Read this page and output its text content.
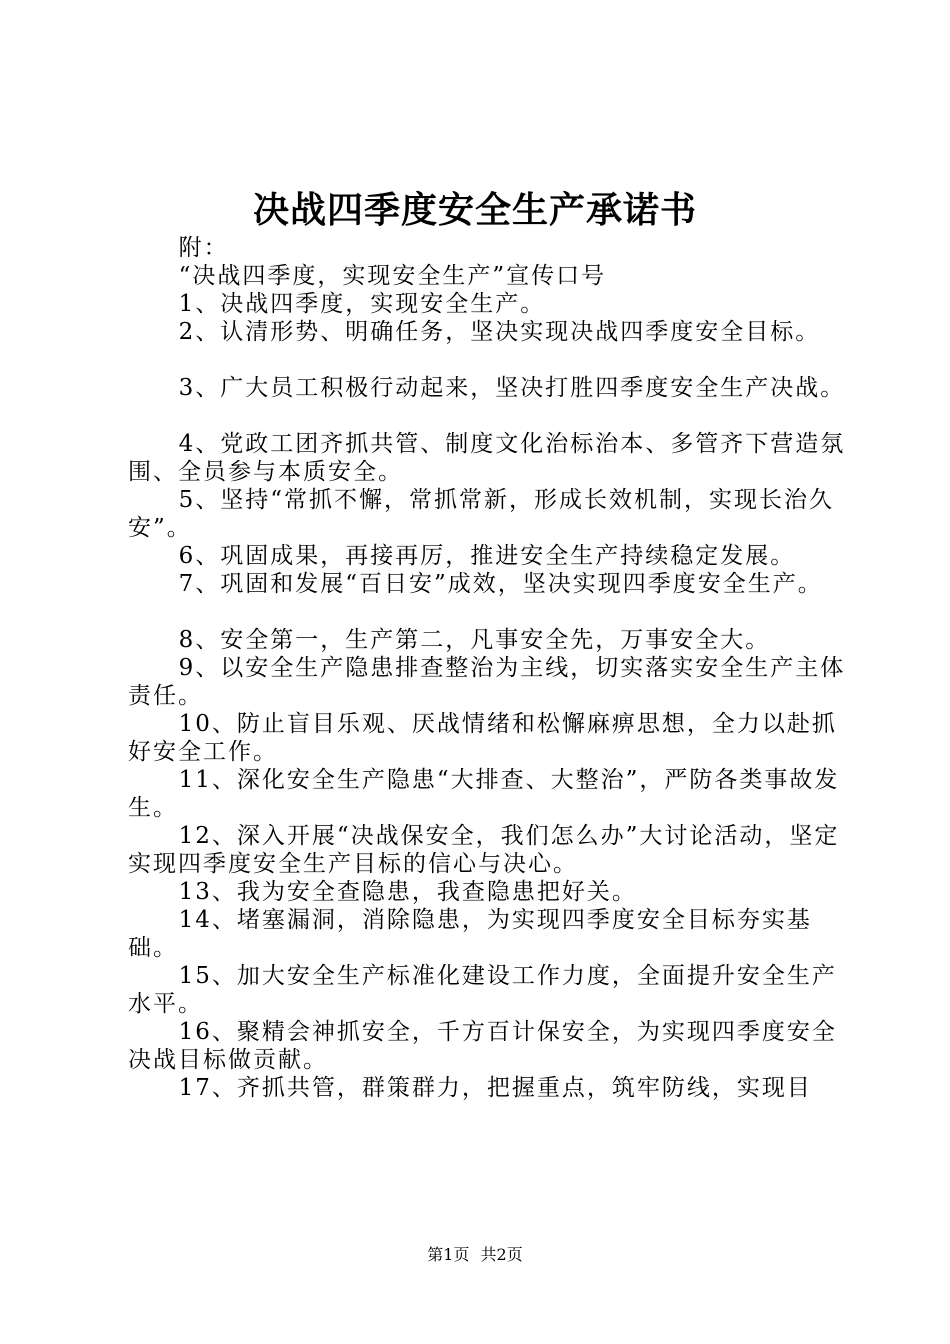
决战四季度安全生产承诺书

附：

“决战四季度，实现安全生产”宣传口号

1、决战四季度，实现安全生产。

2、认清形势、明确任务，坚决实现决战四季度安全目标。

3、广大员工积极行动起来，坚决打胜四季度安全生产决战。

4、党政工团齐抓共管、制度文化治标治本、多管齐下营造氛围、全员参与本质安全。

5、坚持“常抓不懈，常抓常新，形成长效机制，实现长治久安”。

6、巩固成果，再接再厉，推进安全生产持续稳定发展。

7、巩固和发展“百日安”成效，坚决实现四季度安全生产。

8、安全第一，生产第二，凡事安全先，万事安全大。

9、以安全生产隐患排查整治为主线，切实落实安全生产主体责任。

10、防止盲目乐观、厌战情绪和松懈麻痹思想，全力以赴抓好安全工作。

11、深化安全生产隐患“大排查、大整治”，严防各类事故发生。

12、深入开展“决战保安全，我们怎么办”大讨论活动，坚定实现四季度安全生产目标的信心与决心。

13、我为安全查隐患，我查隐患把好关。

14、堵塞漏洞，消除隐患，为实现四季度安全目标夯实基础。

15、加大安全生产标准化建设工作力度，全面提升安全生产水平。

16、聚精会神抓安全，千方百计保安全，为实现四季度安全决战目标做贡献。

17、齐抓共管，群策群力，把握重点，筑牢防线，实现目

第1页 共2页
